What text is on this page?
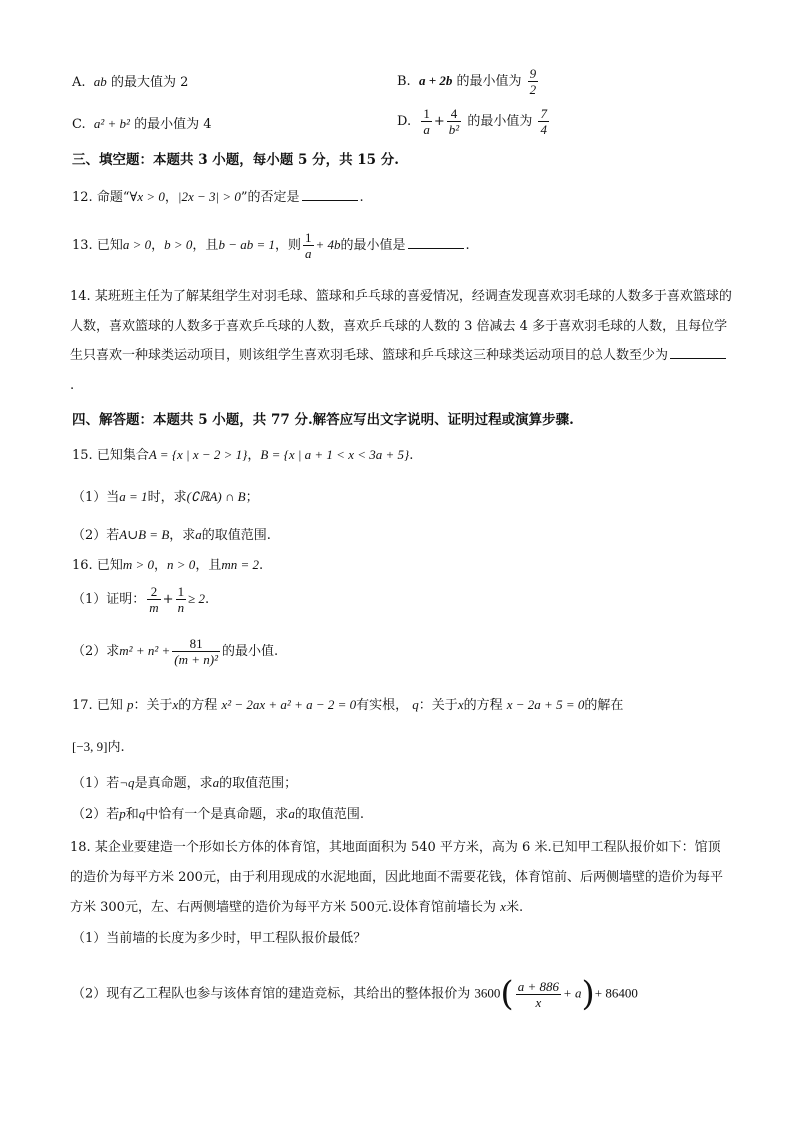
A. ab 的最大值为 2	B. a + 2b 的最小值为 $\frac{9}{2}$
C. a² + b² 的最小值为 4	D. $\frac{1}{a} + \frac{4}{\text{b²}}$ 的最小值为 $\frac{7}{4}$
三、填空题：本题共 3 小题，每小题 5 分，共 15 分.
12. 命题“∀x > 0，|2x − 3| > 0”的否定是	.
13. 已知a > 0，b > 0，且b − ab = 1，则 $\frac{1}{a} + 4b$的最小值是	.
14. 某班班主任为了解某组学生对羽毛球、篮球和乒乓球的喜爱情况，经调查发现喜欢羽毛球的人数多于喜欢篮球的人数，喜欢篮球的人数多于喜欢乒乓球的人数，喜欢乒乓球的人数的 3 倍减去 4 多于喜欢羽毛球的人数，且每位学生只喜欢一种球类运动项目，则该组学生喜欢羽毛球、篮球和乒乓球这三种球类运动项目的总人数至少为.
四、解答题：本题共 5 小题，共 77 分.解答应写出文字说明、证明过程或演算步骤.
15. 已知集合A = {x | x − 2 > 1}，B = {x | a + 1 < x < 3a + 5}.
（1）当a = 1时，求(∁ℝA) ∩ B；
（2）若A∪B = B，求a的取值范围.
16. 已知m > 0，n > 0，且mn = 2.
（1）证明： $\frac{2}{m} + \frac{1}{n} \ge 2$.
（2）求$m^2 + n^2 + \frac{81}{\text{(m + n)²}}$ 的最小值.
17. 已知 p：关于x的方程 x² − 2ax + a² + a − 2 = 0有实根， q：关于x的方程 x − 2a + 5 = 0的解在
[−3, 9]内.
（1）若¬q是真命题，求a的取值范围；
（2）若p和q中恰有一个是真命题，求a的取值范围.
18. 某企业要建造一个形如长方体的体育馆，其地面面积为 540 平方米，高为 6 米.已知甲工程队报价如下：馆顶的造价为每平方米 200元，由于利用现成的水泥地面，因此地面不需要花钱，体育馆前、后两侧墙壁的造价为每平方米 300元，左、右两侧墙壁的造价为每平方米 500元.设体育馆前墙长为 x米.
（1）当前墙的长度为多少时，甲工程队报价最低？
（2）现有乙工程队也参与该体育馆的建造竞标，其给出的整体报价为 $3600( \frac{a + 886}{x} + a)+ 86400$
